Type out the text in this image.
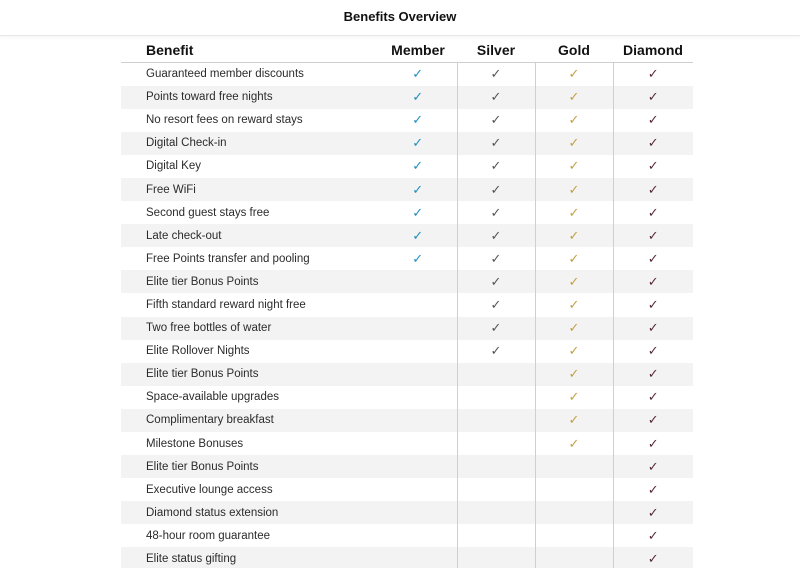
Benefits Overview
Benefit	Member	Silver	Gold	Diamond
Guaranteed member discounts	✓	✓	✓	✓
Points toward free nights	✓	✓	✓	✓
No resort fees on reward stays	✓	✓	✓	✓
Digital Check-in	✓	✓	✓	✓
Digital Key	✓	✓	✓	✓
Free WiFi	✓	✓	✓	✓
Second guest stays free	✓	✓	✓	✓
Late check-out	✓	✓	✓	✓
Free Points transfer and pooling	✓	✓	✓	✓
Elite tier Bonus Points		✓	✓	✓
Fifth standard reward night free		✓	✓	✓
Two free bottles of water		✓	✓	✓
Elite Rollover Nights		✓	✓	✓
Elite tier Bonus Points			✓	✓
Space-available upgrades			✓	✓
Complimentary breakfast			✓	✓
Milestone Bonuses			✓	✓
Elite tier Bonus Points				✓
Executive lounge access				✓
Diamond status extension				✓
48-hour room guarantee				✓
Elite status gifting				✓
